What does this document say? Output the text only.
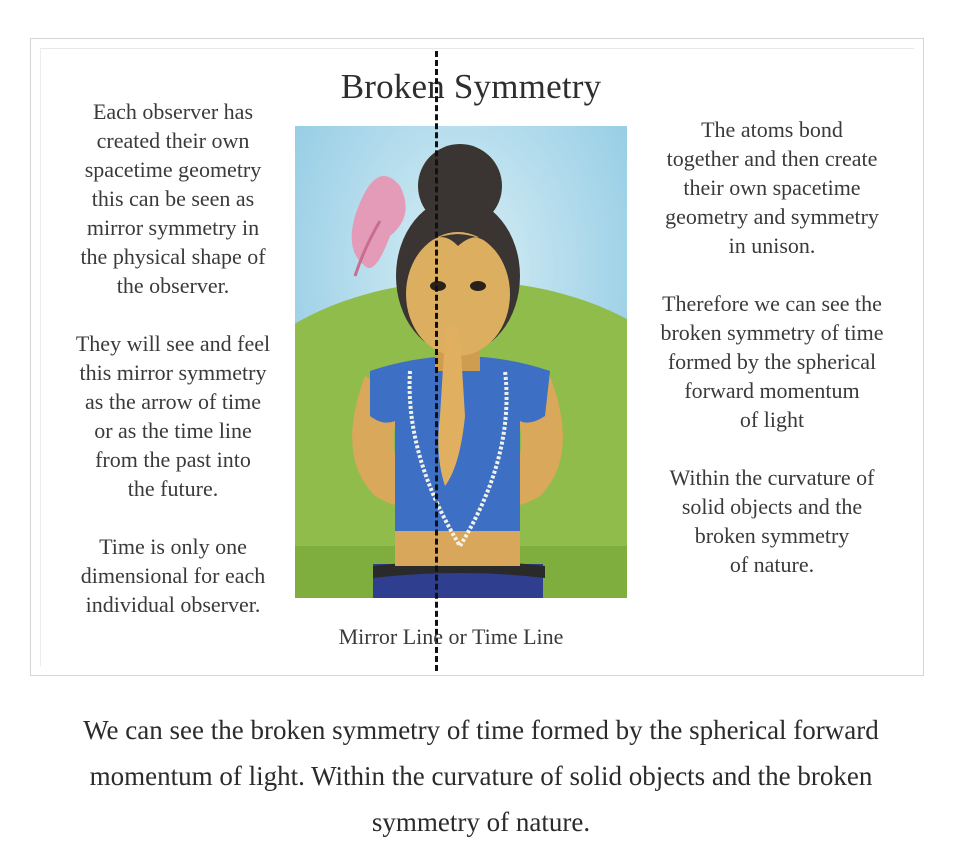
Broken Symmetry

Each observer has
created their own
spacetime geometry
this can be seen as
mirror symmetry in
the physical shape of
the observer.

They will see and feel
this mirror symmetry
as the arrow of time
or as the time line
from the past into
the future.

Time is only one
dimensional for each
individual observer.

The atoms bond
together and then create
their own spacetime
geometry and symmetry
in unison.

Therefore we can see the
broken symmetry of time
formed by the spherical
forward momentum
of light

Within the curvature of
solid objects and the
broken symmetry
of nature.

Mirror Line or Time Line
We can see the broken symmetry of time formed by the spherical forward momentum of light. Within the curvature of solid objects and the broken symmetry of nature.
